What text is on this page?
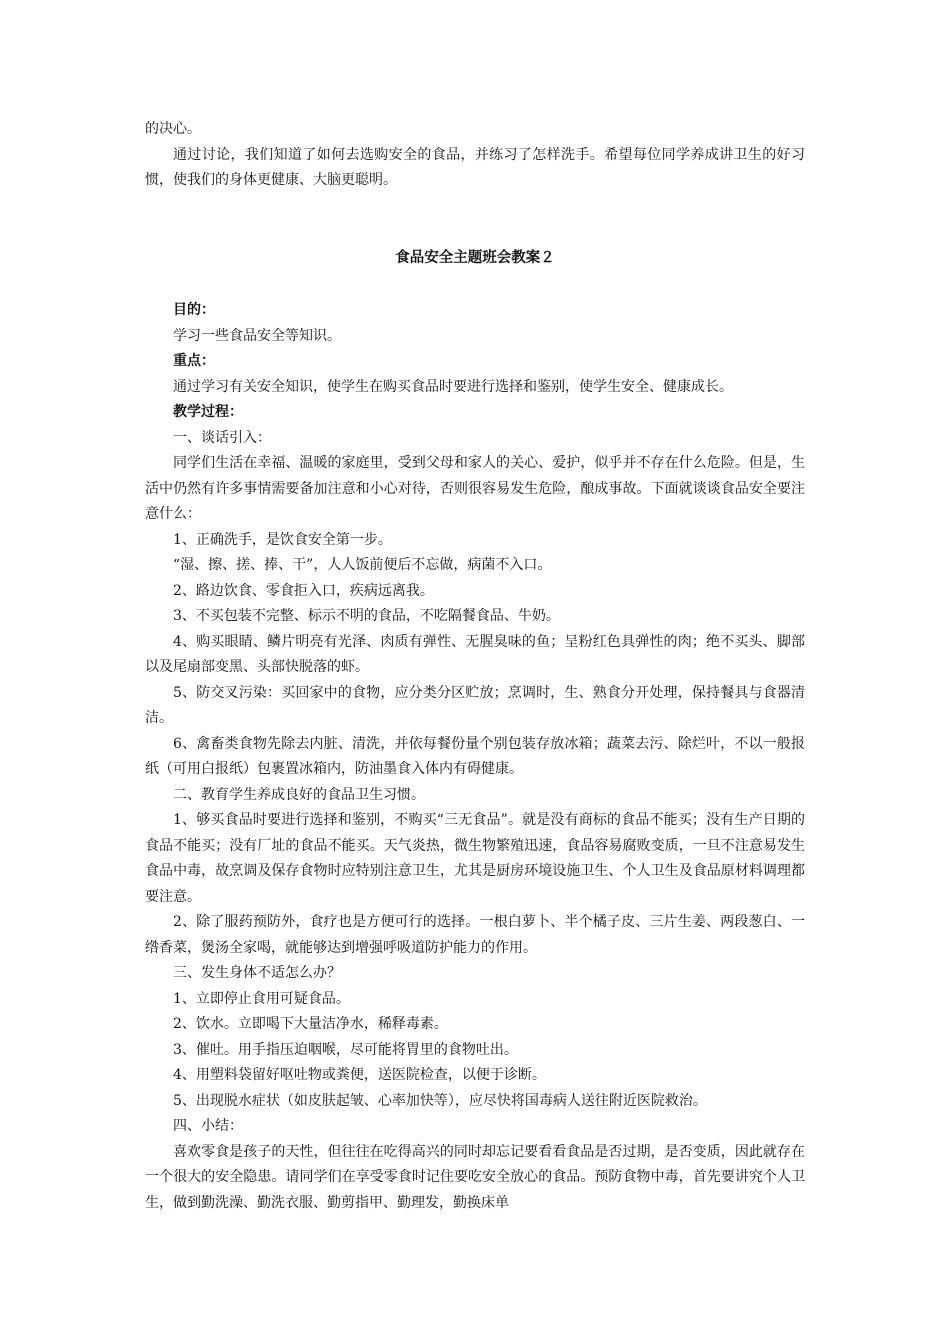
的决心。

通过讨论，我们知道了如何去选购安全的食品，并练习了怎样洗手。希望每位同学养成讲卫生的好习惯，使我们的身体更健康、大脑更聪明。

食品安全主题班会教案２

目的：

学习一些食品安全等知识。

重点：

通过学习有关安全知识，使学生在购买食品时要进行选择和鉴别，使学生安全、健康成长。

教学过程：

一、谈话引入：

同学们生活在幸福、温暖的家庭里，受到父母和家人的关心、爱护，似乎并不存在什么危险。但是，生活中仍然有许多事情需要备加注意和小心对待，否则很容易发生危险，酿成事故。下面就谈谈食品安全要注意什么：

1、正确洗手，是饮食安全第一步。

“湿、擦、搓、捧、干”，人人饭前便后不忘做，病菌不入口。

2、路边饮食、零食拒入口，疾病远离我。

3、不买包装不完整、标示不明的食品，不吃隔餐食品、牛奶。

4、购买眼睛、鳞片明亮有光泽、肉质有弹性、无腥臭味的鱼；呈粉红色具弹性的肉；绝不买头、脚部以及尾扇部变黑、头部快脱落的虾。

5、防交叉污染：买回家中的食物，应分类分区贮放；烹调时，生、熟食分开处理，保持餐具与食器清洁。

6、禽畜类食物先除去内脏、清洗，并依每餐份量个别包装存放冰箱；蔬菜去污、除烂叶，不以一般报纸（可用白报纸）包裹置冰箱内，防油墨食入体内有碍健康。

二、教育学生养成良好的食品卫生习惯。

1、够买食品时要进行选择和鉴别，不购买“三无食品”。就是没有商标的食品不能买；没有生产日期的食品不能买；没有厂址的食品不能买。天气炎热，微生物繁殖迅速，食品容易腐败变质，一旦不注意易发生食品中毒，故烹调及保存食物时应特别注意卫生，尤其是厨房环境设施卫生、个人卫生及食品原材料调理都要注意。

2、除了服药预防外，食疗也是方便可行的选择。一根白萝卜、半个橘子皮、三片生姜、两段葱白、一绺香菜，煲汤全家喝，就能够达到增强呼吸道防护能力的作用。

三、发生身体不适怎么办？

1、立即停止食用可疑食品。

2、饮水。立即喝下大量洁净水，稀释毒素。

3、催吐。用手指压迫咽喉，尽可能将胃里的食物吐出。

4、用塑料袋留好呕吐物或粪便，送医院检查，以便于诊断。

5、出现脱水症状（如皮肤起皱、心率加快等），应尽快将国毒病人送往附近医院救治。

四、小结：

喜欢零食是孩子的天性，但往往在吃得高兴的同时却忘记要看看食品是否过期，是否变质，因此就存在一个很大的安全隐患。请同学们在享受零食时记住要吃安全放心的食品。预防食物中毒，首先要讲究个人卫生，做到勤洗澡、勤洗衣服、勤剪指甲、勤理发，勤换床单
